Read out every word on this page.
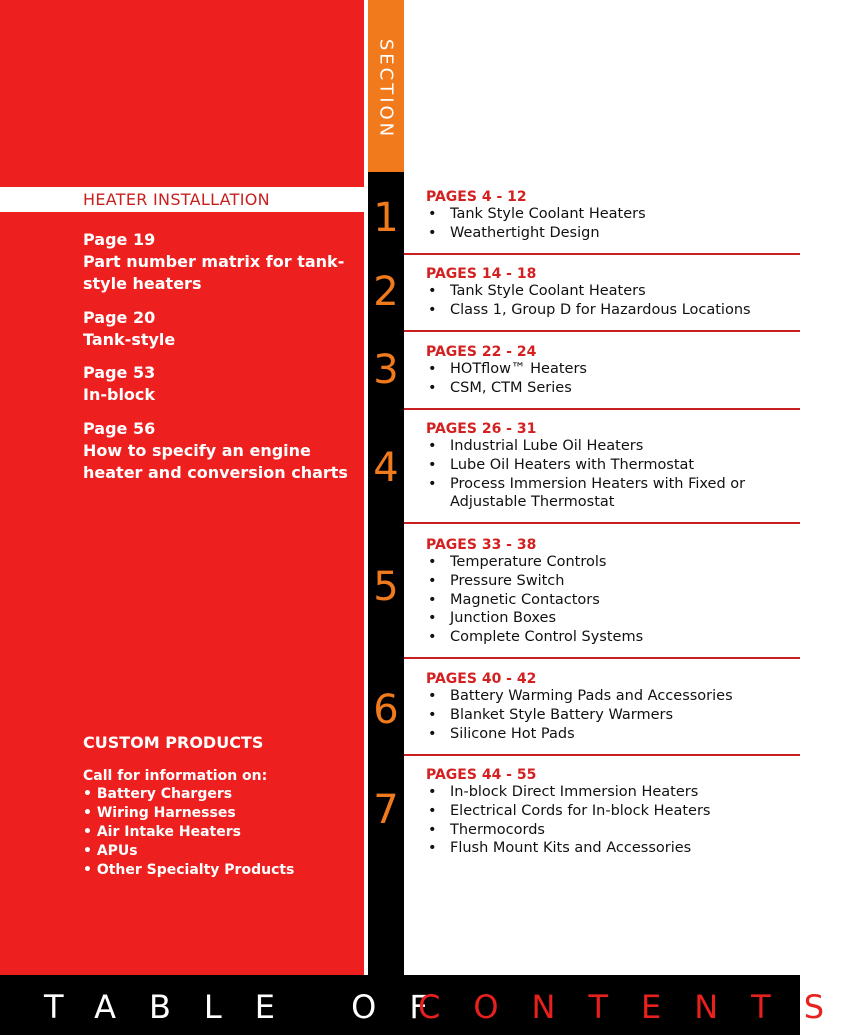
HEATER INSTALLATION
Page 19
Part number matrix for tank-
style heaters
Page 20
Tank-style
Page 53
In-block
Page 56
How to specify an engine
heater and conversion charts
CUSTOM PRODUCTS
Call for information on:
• Battery Chargers
• Wiring Harnesses
• Air Intake Heaters
• APUs
• Other Specialty Products
SECTION
1
2
3
4
5
6
7
PAGES 4 - 12
• Tank Style Coolant Heaters
• Weathertight Design
PAGES 14 - 18
• Tank Style Coolant Heaters
• Class 1, Group D for Hazardous Locations
PAGES 22 - 24
• HOTflow™ Heaters
• CSM, CTM Series
PAGES 26 - 31
• Industrial Lube Oil Heaters
• Lube Oil Heaters with Thermostat
• Process Immersion Heaters with Fixed or Adjustable Thermostat
PAGES 33 - 38
• Temperature Controls
• Pressure Switch
• Magnetic Contactors
• Junction Boxes
• Complete Control Systems
PAGES 40 - 42
• Battery Warming Pads and Accessories
• Blanket Style Battery Warmers
• Silicone Hot Pads
PAGES 44 - 55
• In-block Direct Immersion Heaters
• Electrical Cords for In-block Heaters
• Thermocords
• Flush Mount Kits and Accessories
TABLE OF
CONTENTS
